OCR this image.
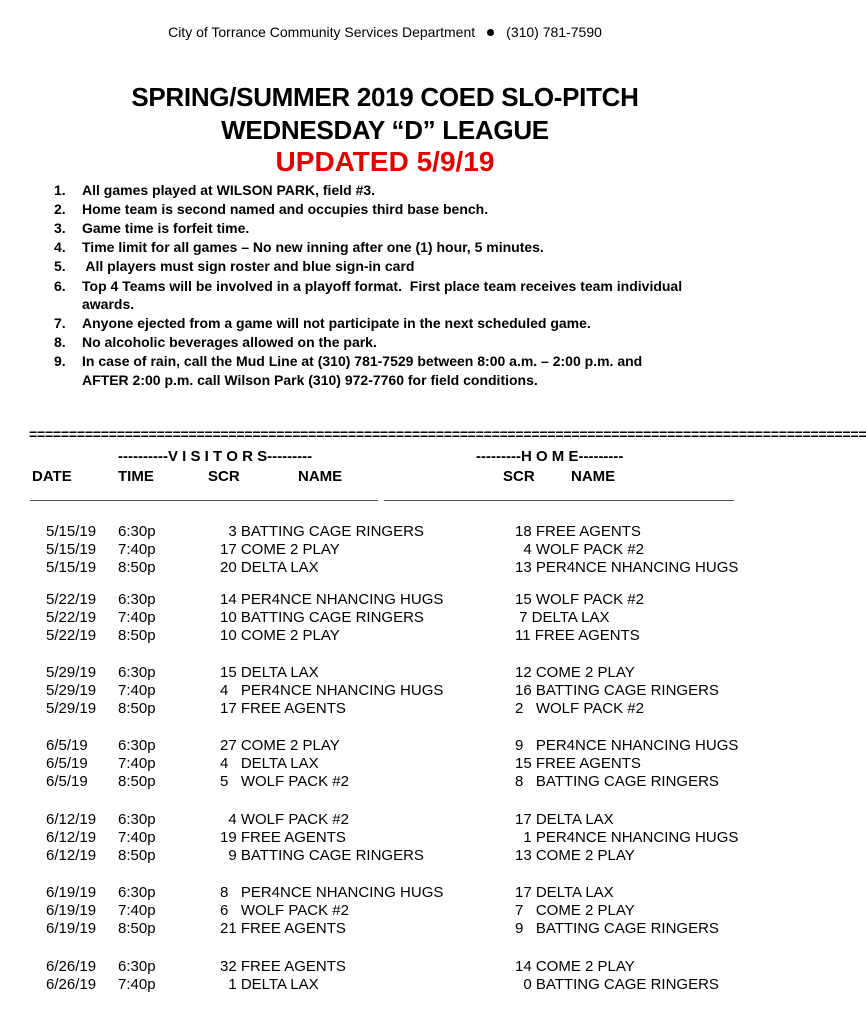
City of Torrance Community Services Department (310) 781-7590
SPRING/SUMMER 2019 COED SLO-PITCH
WEDNESDAY “D” LEAGUE
UPDATED 5/9/19
1. All games played at WILSON PARK, field #3.
2. Home team is second named and occupies third base bench.
3. Game time is forfeit time.
4. Time limit for all games – No new inning after one (1) hour, 5 minutes.
5. All players must sign roster and blue sign-in card
6. Top 4 Teams will be involved in a playoff format.  First place team receives team individual
awards.
7. Anyone ejected from a game will not participate in the next scheduled game.
8. No alcoholic beverages allowed on the park.
9. In case of rain, call the Mud Line at (310) 781-7529 between 8:00 a.m. – 2:00 p.m. and
AFTER 2:00 p.m. call Wilson Park (310) 972-7760 for field conditions.
=========================================================================================================
----------V I S I T O R S---------	---------H O M E---------
DATE	TIME	SCR	NAME	SCR NAME
5/15/19 6:30p	3 BATTING CAGE RINGERS	18 FREE AGENTS
5/15/19 7:40p	17 COME 2 PLAY	4 WOLF PACK #2
5/15/19 8:50p	20 DELTA LAX	13 PER4NCE NHANCING HUGS
5/22/19 6:30p	14 PER4NCE NHANCING HUGS	15 WOLF PACK #2
5/22/19 7:40p	10 BATTING CAGE RINGERS	7 DELTA LAX
5/22/19 8:50p	10 COME 2 PLAY	11 FREE AGENTS
5/29/19 6:30p	15 DELTA LAX	12 COME 2 PLAY
5/29/19 7:40p	4   PER4NCE NHANCING HUGS	16 BATTING CAGE RINGERS
5/29/19 8:50p	17 FREE AGENTS	2   WOLF PACK #2
6/5/19 6:30p	27 COME 2 PLAY	9   PER4NCE NHANCING HUGS
6/5/19 7:40p	4   DELTA LAX	15 FREE AGENTS
6/5/19 8:50p	5   WOLF PACK #2	8   BATTING CAGE RINGERS
6/12/19 6:30p	4 WOLF PACK #2	17 DELTA LAX
6/12/19 7:40p	19 FREE AGENTS	1 PER4NCE NHANCING HUGS
6/12/19 8:50p	9 BATTING CAGE RINGERS	13 COME 2 PLAY
6/19/19 6:30p	8   PER4NCE NHANCING HUGS	17 DELTA LAX
6/19/19 7:40p	6   WOLF PACK #2	7   COME 2 PLAY
6/19/19 8:50p	21 FREE AGENTS	9   BATTING CAGE RINGERS
6/26/19 6:30p	32 FREE AGENTS	14 COME 2 PLAY
6/26/19 7:40p	1 DELTA LAX	0 BATTING CAGE RINGERS
